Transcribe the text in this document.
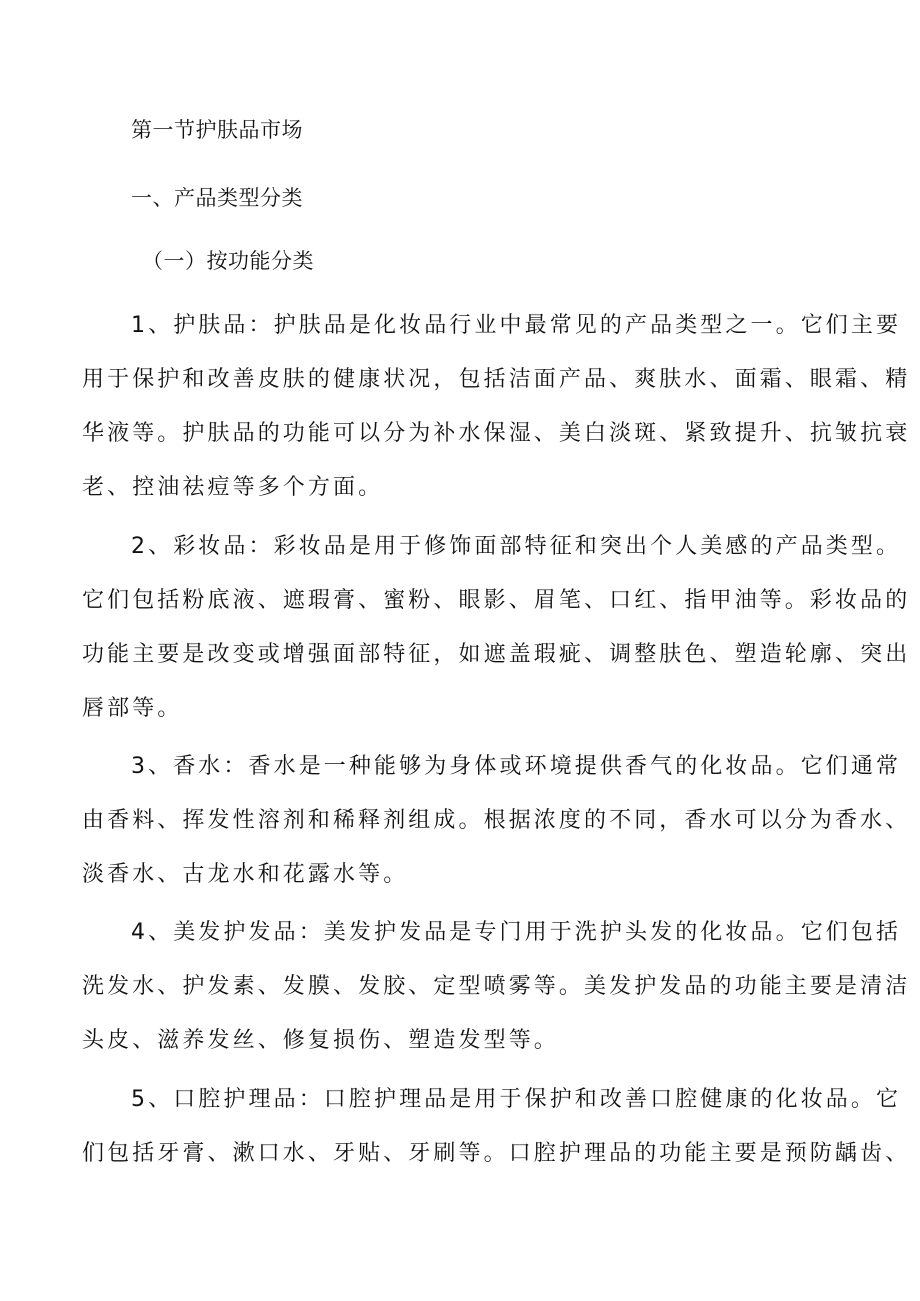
第一节护肤品市场

一、产品类型分类

（一）按功能分类

1、护肤品：护肤品是化妆品行业中最常见的产品类型之一。它们主要

用于保护和改善皮肤的健康状况，包括洁面产品、爽肤水、面霜、眼霜、精

华液等。护肤品的功能可以分为补水保湿、美白淡斑、紧致提升、抗皱抗衰

老、控油祛痘等多个方面。

2、彩妆品：彩妆品是用于修饰面部特征和突出个人美感的产品类型。

它们包括粉底液、遮瑕膏、蜜粉、眼影、眉笔、口红、指甲油等。彩妆品的

功能主要是改变或增强面部特征，如遮盖瑕疵、调整肤色、塑造轮廓、突出

唇部等。

3、香水：香水是一种能够为身体或环境提供香气的化妆品。它们通常

由香料、挥发性溶剂和稀释剂组成。根据浓度的不同，香水可以分为香水、

淡香水、古龙水和花露水等。

4、美发护发品：美发护发品是专门用于洗护头发的化妆品。它们包括

洗发水、护发素、发膜、发胶、定型喷雾等。美发护发品的功能主要是清洁

头皮、滋养发丝、修复损伤、塑造发型等。

5、口腔护理品：口腔护理品是用于保护和改善口腔健康的化妆品。它

们包括牙膏、漱口水、牙贴、牙刷等。口腔护理品的功能主要是预防龋齿、
